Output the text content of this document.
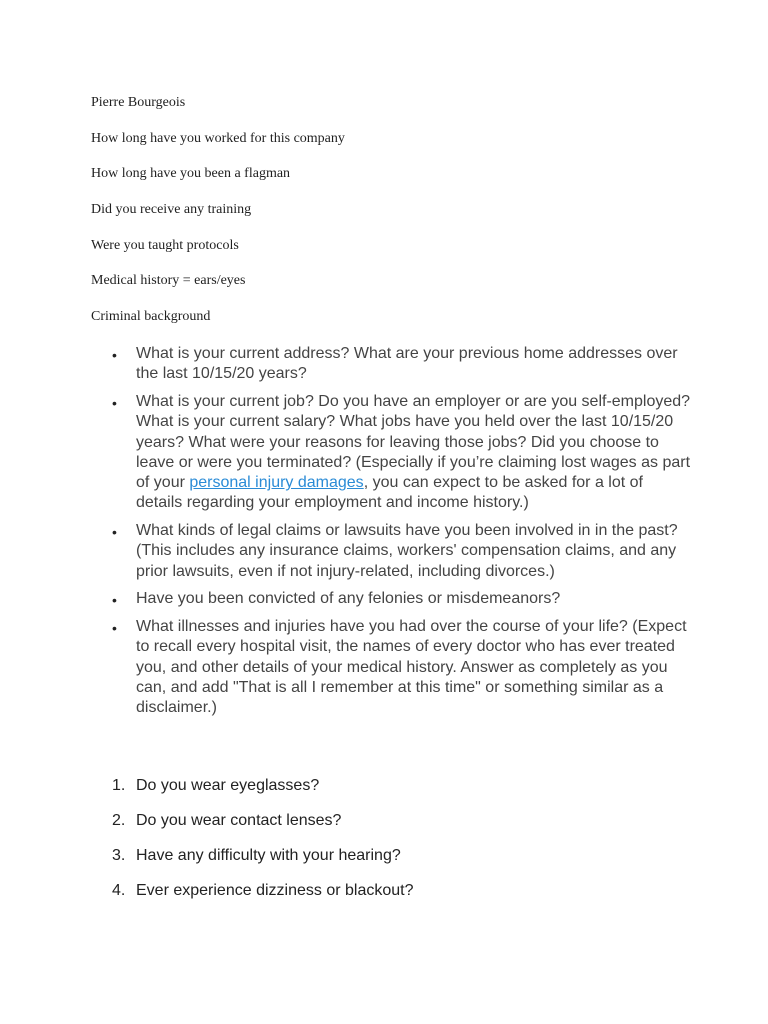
Pierre Bourgeois
How long have you worked for this company
How long have you been a flagman
Did you receive any training
Were you taught protocols
Medical history = ears/eyes
Criminal background
• What is your current address? What are your previous home addresses over the last 10/15/20 years?
• What is your current job? Do you have an employer or are you self-employed? What is your current salary? What jobs have you held over the last 10/15/20 years? What were your reasons for leaving those jobs? Did you choose to leave or were you terminated? (Especially if you’re claiming lost wages as part of your personal injury damages, you can expect to be asked for a lot of details regarding your employment and income history.)
• What kinds of legal claims or lawsuits have you been involved in in the past? (This includes any insurance claims, workers' compensation claims, and any prior lawsuits, even if not injury-related, including divorces.)
• Have you been convicted of any felonies or misdemeanors?
• What illnesses and injuries have you had over the course of your life? (Expect to recall every hospital visit, the names of every doctor who has ever treated you, and other details of your medical history. Answer as completely as you can, and add "That is all I remember at this time" or something similar as a disclaimer.)
1. Do you wear eyeglasses?
2. Do you wear contact lenses?
3. Have any difficulty with your hearing?
4. Ever experience dizziness or blackout?
